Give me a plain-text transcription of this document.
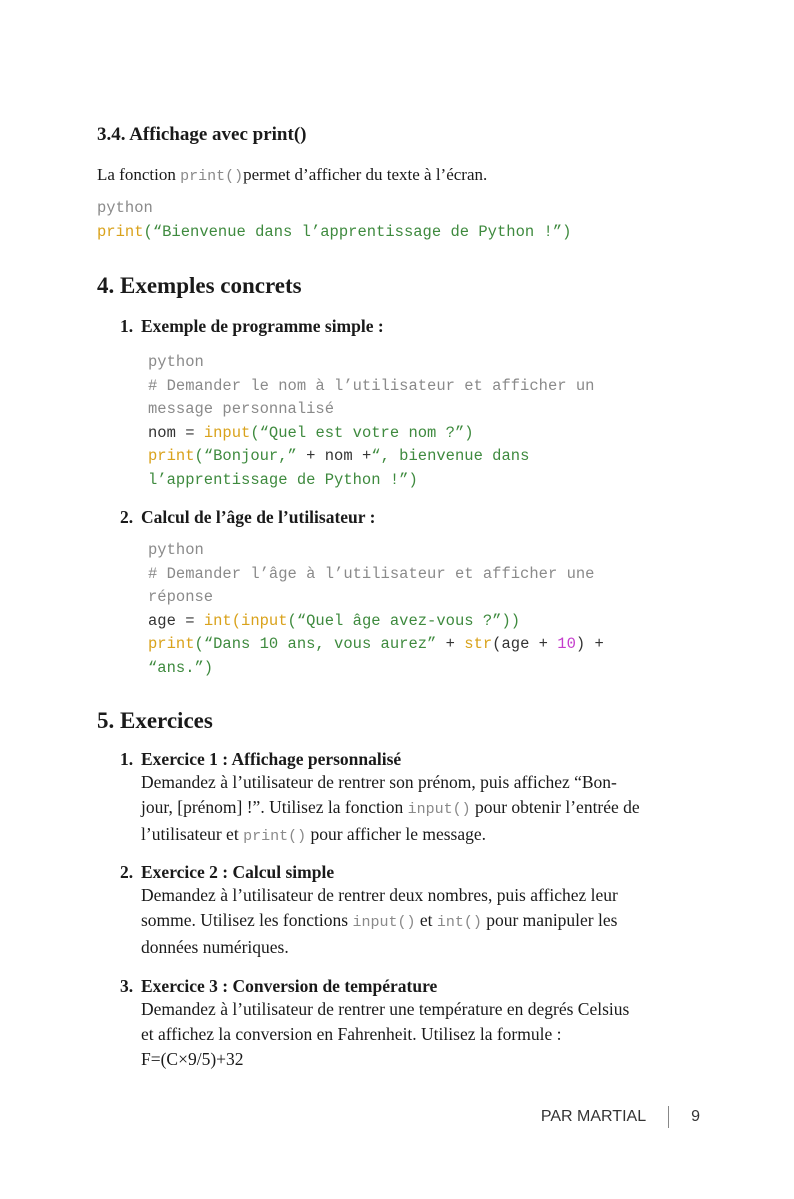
3.4. Affichage avec print()

La fonction print()permet d’afficher du texte à l’écran.

python
print(“Bienvenue dans l’apprentissage de Python !”)
4. Exemples concrets
1. Exemple de programme simple :
python
# Demander le nom à l’utilisateur et afficher un
message personnalisé
nom = input(“Quel est votre nom ?”)
print(“Bonjour,” + nom +“, bienvenue dans
l’apprentissage de Python !”)
2. Calcul de l’âge de l’utilisateur :
python
# Demander l’âge à l’utilisateur et afficher une
réponse
age = int(input(“Quel âge avez-vous ?”))
print(“Dans 10 ans, vous aurez” + str(age + 10) +
“ans.”)
5. Exercices
1. Exercice 1 : Affichage personnalisé
Demandez à l’utilisateur de rentrer son prénom, puis affichez “Bon-
jour, [prénom] !”. Utilisez la fonction input() pour obtenir l’entrée de
l’utilisateur et print() pour afficher le message.
2. Exercice 2 : Calcul simple
Demandez à l’utilisateur de rentrer deux nombres, puis affichez leur
somme. Utilisez les fonctions input() et int() pour manipuler les
données numériques.
3. Exercice 3 : Conversion de température
Demandez à l’utilisateur de rentrer une température en degrés Celsius
et affichez la conversion en Fahrenheit. Utilisez la formule :
F=(C×9/5)+32
PAR MARTIAL	9
